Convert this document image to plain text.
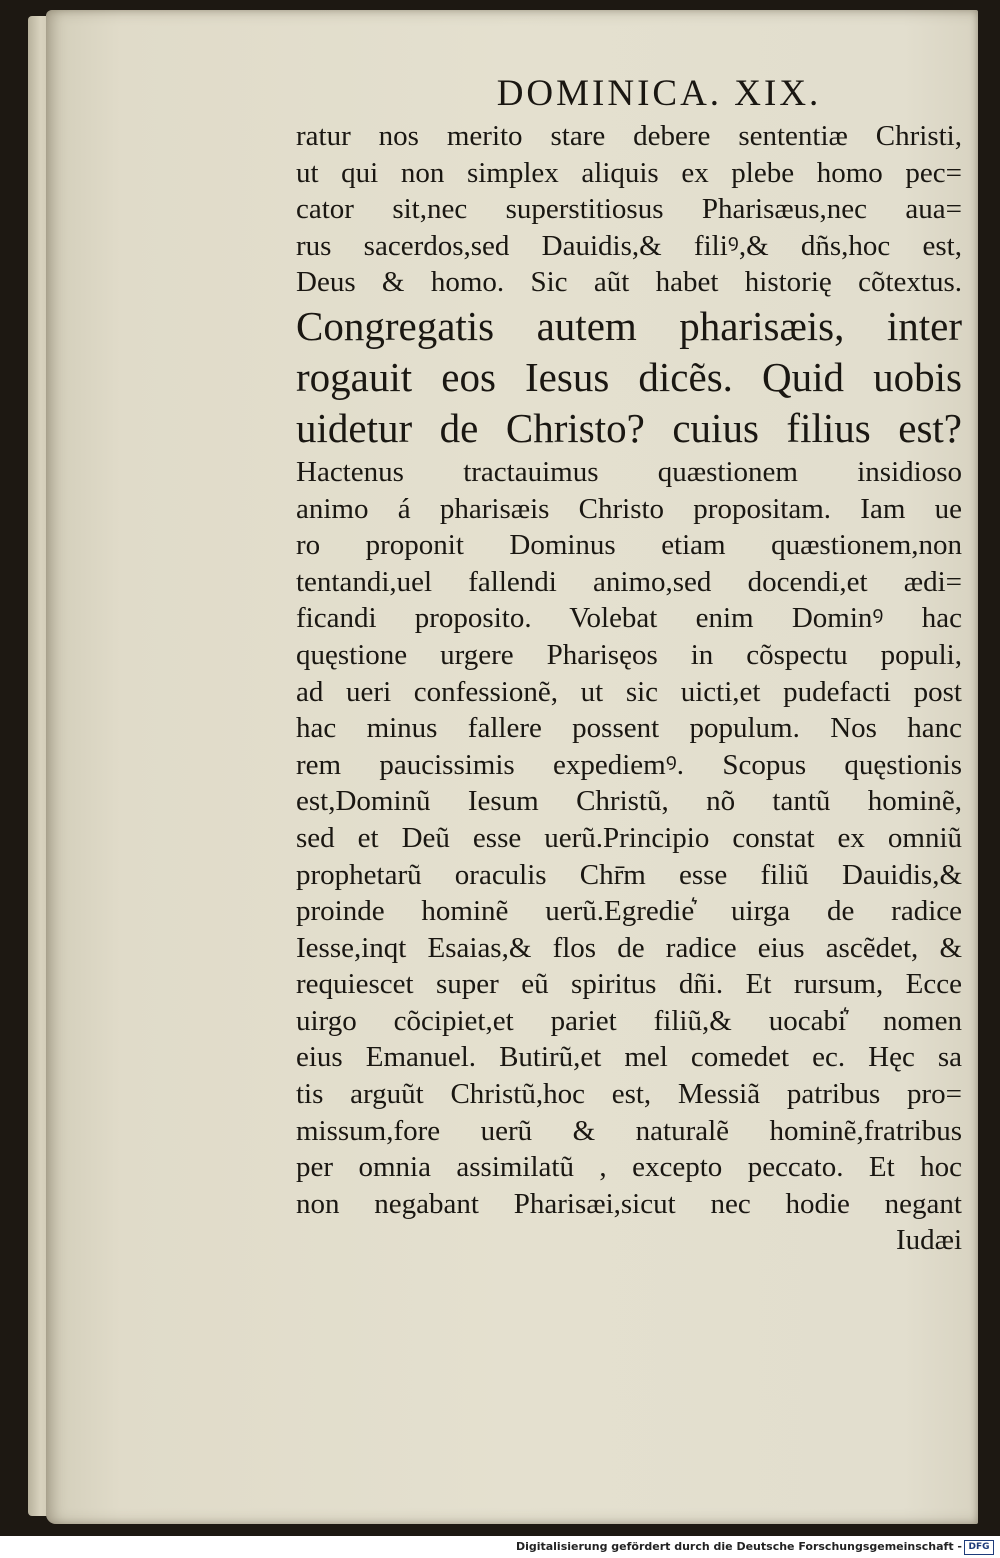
DOMINICA. XIX.
ratur nos merito stare debere sententiæ Christi,
ut qui non simplex aliquis ex plebe homo pec=
cator sit,nec superstitiosus Pharisæus,nec aua=
rus sacerdos,sed Dauidis,& filiꝰ,& dñs,hoc est,
Deus & homo. Sic aũt habet historię cõtextus.
Congregatis autem pharisæis, inter
rogauit eos Iesus dicẽs. Quid uobis
uidetur de Christo? cuius filius est?
Hactenus tractauimus quæstionem insidioso
animo á pharisæis Christo propositam. Iam ue
ro proponit Dominus etiam quæstionem,non
tentandi,uel fallendi animo,sed docendi,et ædi=
ficandi proposito. Volebat enim Dominꝰ hac
quęstione urgere Pharisęos in cõspectu populi,
ad ueri confessionẽ, ut sic uicti,et pudefacti post
hac minus fallere possent populum. Nos hanc
rem paucissimis expediemꝰ. Scopus quęstionis
est,Dominũ Iesum Christũ, nõ tantũ hominẽ,
sed et Deũ esse uerũ.Principio constat ex omniũ
prophetarũ oraculis Chr̄m esse filiũ Dauidis,&
proinde hominẽ uerũ.Egredie͛ uirga de radice
Iesse,inqt Esaias,& flos de radice eius ascẽdet, &
requiescet super eũ spiritus dñi. Et rursum, Ecce
uirgo cõcipiet,et pariet filiũ,& uocabi͛ nomen
eius Emanuel. Butirũ,et mel comedet ec. Hęc sa
tis arguũt Christũ,hoc est, Messiã patribus pro=
missum,fore uerũ & naturalẽ hominẽ,fratribus
per omnia assimilatũ , excepto peccato. Et hoc
non negabant Pharisæi,sicut nec hodie negant
Iudæi
Digitalisierung gefördert durch die Deutsche Forschungsgemeinschaft - DFG
